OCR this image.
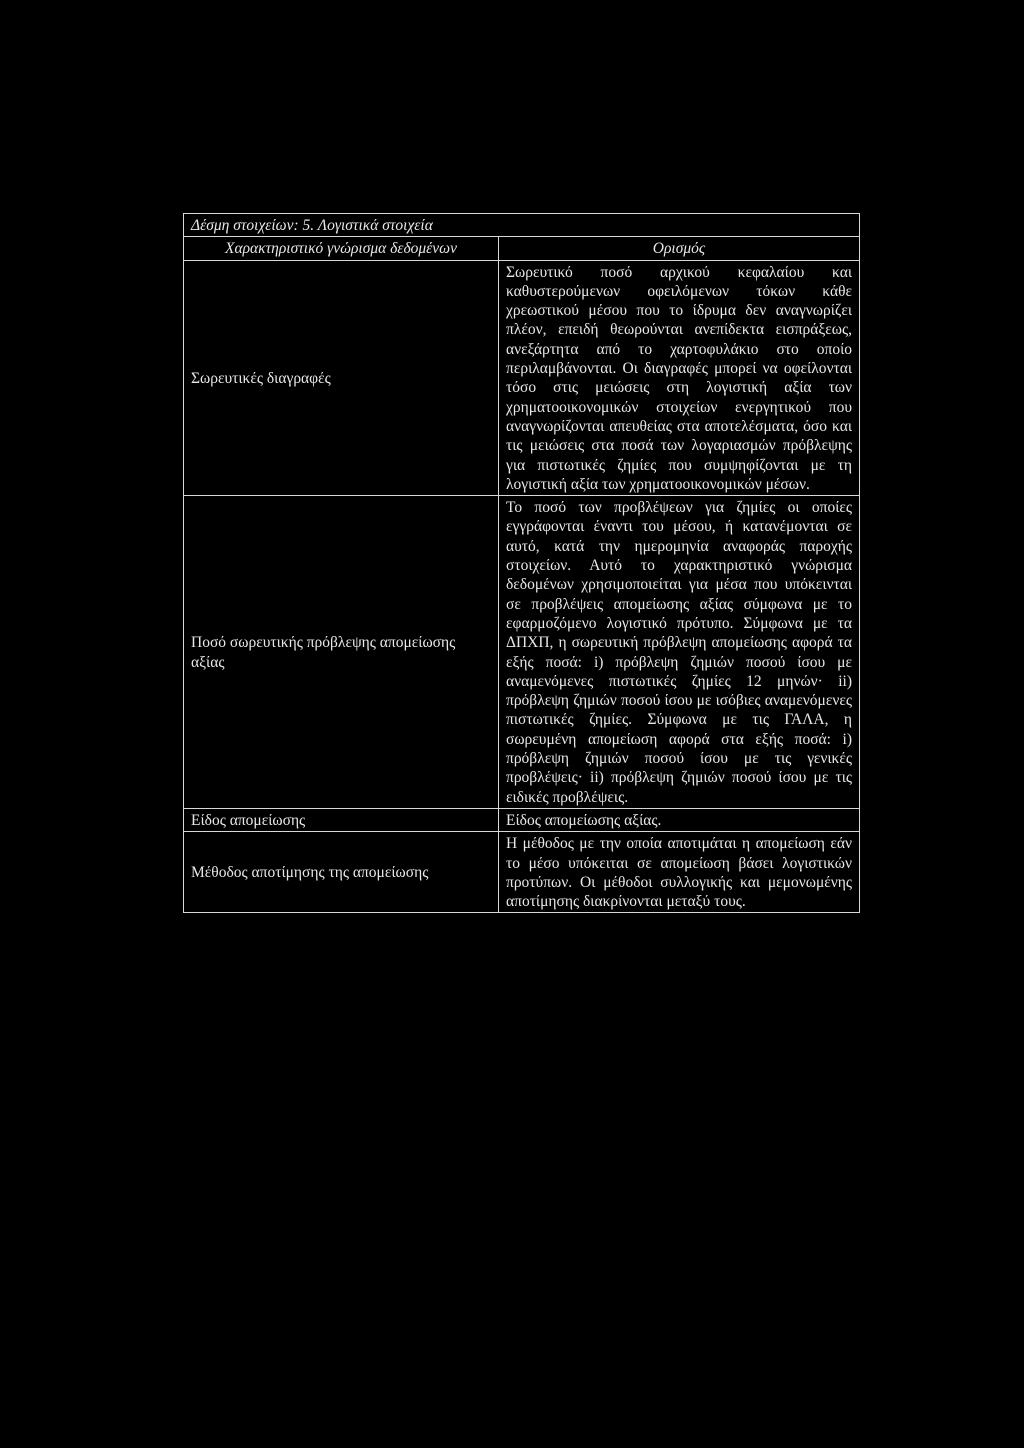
Δέσμη στοιχείων: 5. Λογιστικά στοιχεία	
Χαρακτηριστικό γνώρισμα δεδομένων	Ορισμός
Σωρευτικές διαγραφές	Σωρευτικό ποσό αρχικού κεφαλαίου και καθυστερούμενων οφειλόμενων τόκων κάθε χρεωστικού μέσου που το ίδρυμα δεν αναγνωρίζει πλέον, επειδή θεωρούνται ανεπίδεκτα εισπράξεως, ανεξάρτητα από το χαρτοφυλάκιο στο οποίο περιλαμβάνονται. Οι διαγραφές μπορεί να οφείλονται τόσο στις μειώσεις στη λογιστική αξία των χρηματοοικονομικών στοιχείων ενεργητικού που αναγνωρίζονται απευθείας στα αποτελέσματα, όσο και τις μειώσεις στα ποσά των λογαριασμών πρόβλεψης για πιστωτικές ζημίες που συμψηφίζονται με τη λογιστική αξία των χρηματοοικονομικών μέσων.
Ποσό σωρευτικής πρόβλεψης απομείωσης αξίας	Το ποσό των προβλέψεων για ζημίες οι οποίες εγγράφονται έναντι του μέσου, ή κατανέμονται σε αυτό, κατά την ημερομηνία αναφοράς παροχής στοιχείων. Αυτό το χαρακτηριστικό γνώρισμα δεδομένων χρησιμοποιείται για μέσα που υπόκεινται σε προβλέψεις απομείωσης αξίας σύμφωνα με το εφαρμοζόμενο λογιστικό πρότυπο. Σύμφωνα με τα ΔΠΧΠ, η σωρευτική πρόβλεψη απομείωσης αφορά τα εξής ποσά: i) πρόβλεψη ζημιών ποσού ίσου με αναμενόμενες πιστωτικές ζημίες 12 μηνών· ii) πρόβλεψη ζημιών ποσού ίσου με ισόβιες αναμενόμενες πιστωτικές ζημίες. Σύμφωνα με τις ΓΑΛΑ, η σωρευμένη απομείωση αφορά στα εξής ποσά: i) πρόβλεψη ζημιών ποσού ίσου με τις γενικές προβλέψεις· ii) πρόβλεψη ζημιών ποσού ίσου με τις ειδικές προβλέψεις.
Είδος απομείωσης	Είδος απομείωσης αξίας.
Μέθοδος αποτίμησης της απομείωσης	Η μέθοδος με την οποία αποτιμάται η απομείωση εάν το μέσο υπόκειται σε απομείωση βάσει λογιστικών προτύπων. Οι μέθοδοι συλλογικής και μεμονωμένης αποτίμησης διακρίνονται μεταξύ τους.
